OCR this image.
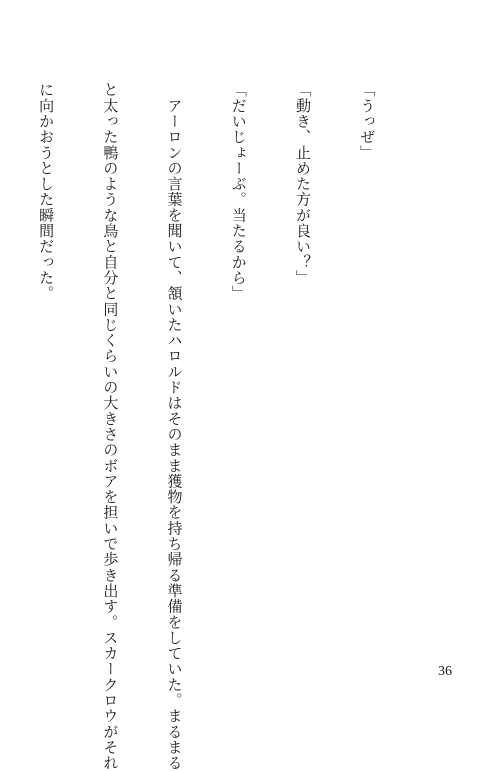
「うっぜ」

「動き、止めた方が良い？」

「だいじょーぶ。当たるから」

　アーロンの言葉を聞いて、頷いたハロルドはそのまま獲物を持ち帰る準備をしていた。まるまる

と太った鴨のような鳥と自分と同じくらいの大きさのボアを担いで歩き出す。スカークロウがそれ

に向かおうとした瞬間だった。

36
